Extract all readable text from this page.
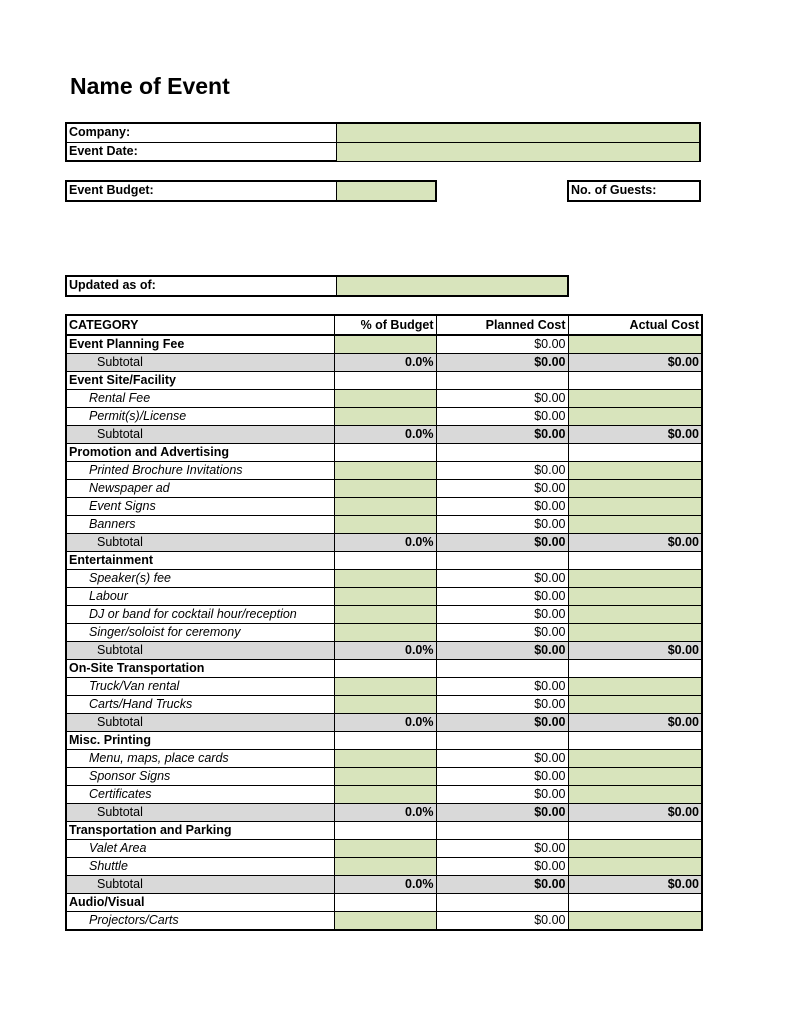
Name of Event
Company:
Event Date:
Event Budget:	No. of Guests:
Updated as of:
CATEGORY	% of Budget	Planned Cost	Actual Cost
Event Planning Fee		$0.00	
Subtotal	0.0%	$0.00	$0.00
Event Site/Facility			
Rental Fee		$0.00	
Permit(s)/License		$0.00	
Subtotal	0.0%	$0.00	$0.00
Promotion and Advertising			
Printed Brochure Invitations		$0.00	
Newspaper ad		$0.00	
Event Signs		$0.00	
Banners		$0.00	
Subtotal	0.0%	$0.00	$0.00
Entertainment			
Speaker(s) fee		$0.00	
Labour		$0.00	
DJ or band for cocktail hour/reception		$0.00	
Singer/soloist for ceremony		$0.00	
Subtotal	0.0%	$0.00	$0.00
On-Site Transportation			
Truck/Van rental		$0.00	
Carts/Hand Trucks		$0.00	
Subtotal	0.0%	$0.00	$0.00
Misc. Printing			
Menu, maps, place cards		$0.00	
Sponsor Signs		$0.00	
Certificates		$0.00	
Subtotal	0.0%	$0.00	$0.00
Transportation and Parking			
Valet Area		$0.00	
Shuttle		$0.00	
Subtotal	0.0%	$0.00	$0.00
Audio/Visual			
Projectors/Carts		$0.00	
